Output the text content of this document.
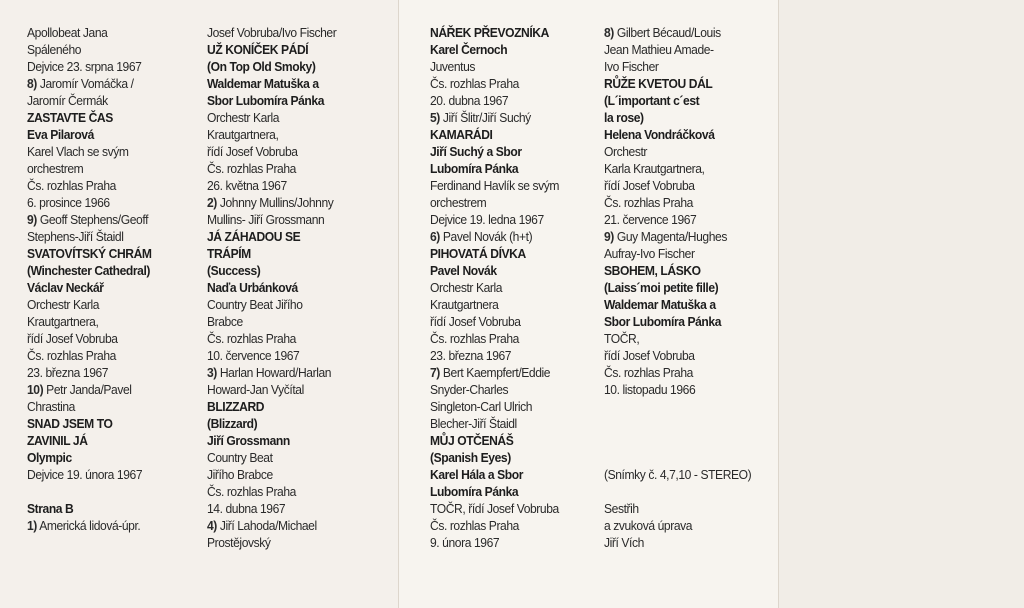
Apollobeat Jana
Spáleného
Dejvice 23. srpna 1967
8) Jaromír Vomáčka /
Jaromír Čermák
ZASTAVTE ČAS
Eva Pilarová
Karel Vlach se svým
orchestrem
Čs. rozhlas Praha
6. prosince 1966
9) Geoff Stephens/Geoff
Stephens-Jiří Štaidl
SVATOVÍTSKÝ CHRÁM
(Winchester Cathedral)
Václav Neckář
Orchestr Karla
Krautgartnera,
řídí Josef Vobruba
Čs. rozhlas Praha
23. března 1967
10) Petr Janda/Pavel
Chrastina
SNAD JSEM TO
ZAVINIL JÁ
Olympic
Dejvice 19. února 1967
Strana B
1) Americká lidová-úpr.
Josef Vobruba/Ivo Fischer
UŽ KONÍČEK PÁDÍ
(On Top Old Smoky)
Waldemar Matuška a
Sbor Lubomíra Pánka
Orchestr Karla
Krautgartnera,
řídí Josef Vobruba
Čs. rozhlas Praha
26. května 1967
2) Johnny Mullins/Johnny
Mullins- Jiří Grossmann
JÁ ZÁHADOU SE
TRÁPÍM
(Success)
Naďa Urbánková
Country Beat Jiřího
Brabce
Čs. rozhlas Praha
10. července 1967
3) Harlan Howard/Harlan
Howard-Jan Vyčítal
BLIZZARD
(Blizzard)
Jiří Grossmann
Country Beat
Jiřího Brabce
Čs. rozhlas Praha
14. dubna 1967
4) Jiří Lahoda/Michael
Prostějovský
NÁŘEK PŘEVOZNÍKA
Karel Černoch
Juventus
Čs. rozhlas Praha
20. dubna 1967
5) Jiří Šlitr/Jiří Suchý
KAMARÁDI
Jiří Suchý a Sbor
Lubomíra Pánka
Ferdinand Havlík se svým
orchestrem
Dejvice 19. ledna 1967
6) Pavel Novák (h+t)
PIHOVATÁ DÍVKA
Pavel Novák
Orchestr Karla
Krautgartnera
řídí Josef Vobruba
Čs. rozhlas Praha
23. března 1967
7) Bert Kaempfert/Eddie
Snyder-Charles
Singleton-Carl Ulrich
Blecher-Jiří Štaidl
MŮJ OTČENÁŠ
(Spanish Eyes)
Karel Hála a Sbor
Lubomíra Pánka
TOČR, řídí Josef Vobruba
Čs. rozhlas Praha
9. února 1967
8) Gilbert Bécaud/Louis
Jean Mathieu Amade-
Ivo Fischer
RŮŽE KVETOU DÁL
(L´important c´est
la rose)
Helena Vondráčková
Orchestr
Karla Krautgartnera,
řídí Josef Vobruba
Čs. rozhlas Praha
21. července 1967
9) Guy Magenta/Hughes
Aufray-Ivo Fischer
SBOHEM, LÁSKO
(Laiss´moi petite fille)
Waldemar Matuška a
Sbor Lubomíra Pánka
TOČR,
řídí Josef Vobruba
Čs. rozhlas Praha
10. listopadu 1966
(Snímky č. 4,7,10 - STEREO)
Sestřih
a zvuková úprava
Jiří Vích
